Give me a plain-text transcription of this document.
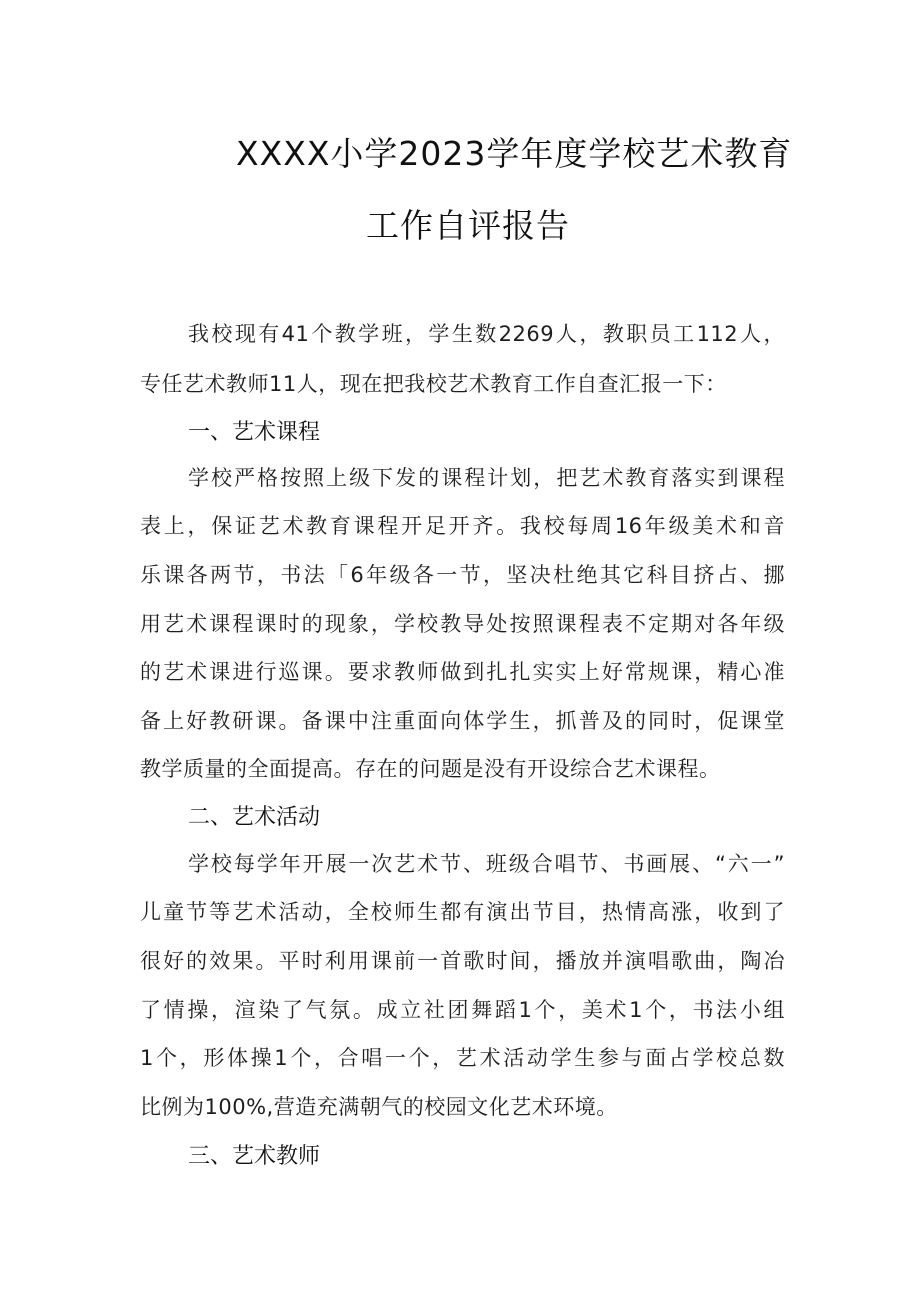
XXXX小学2023学年度学校艺术教育
工作自评报告
我校现有41个教学班，学生数2269人，教职员工112人，
专任艺术教师11人，现在把我校艺术教育工作自查汇报一下：
一、艺术课程
学校严格按照上级下发的课程计划，把艺术教育落实到课程
表上，保证艺术教育课程开足开齐。我校每周16年级美术和音
乐课各两节，书法「6年级各一节，坚决杜绝其它科目挤占、挪
用艺术课程课时的现象，学校教导处按照课程表不定期对各年级
的艺术课进行巡课。要求教师做到扎扎实实上好常规课，精心准
备上好教研课。备课中注重面向体学生，抓普及的同时，促课堂
教学质量的全面提高。存在的问题是没有开设综合艺术课程。
二、艺术活动
学校每学年开展一次艺术节、班级合唱节、书画展、“六一”
儿童节等艺术活动，全校师生都有演出节目，热情高涨，收到了
很好的效果。平时利用课前一首歌时间，播放并演唱歌曲，陶冶
了情操，渲染了气氛。成立社团舞蹈1个，美术1个，书法小组
1个，形体操1个，合唱一个，艺术活动学生参与面占学校总数
比例为100%,营造充满朝气的校园文化艺术环境。
三、艺术教师
